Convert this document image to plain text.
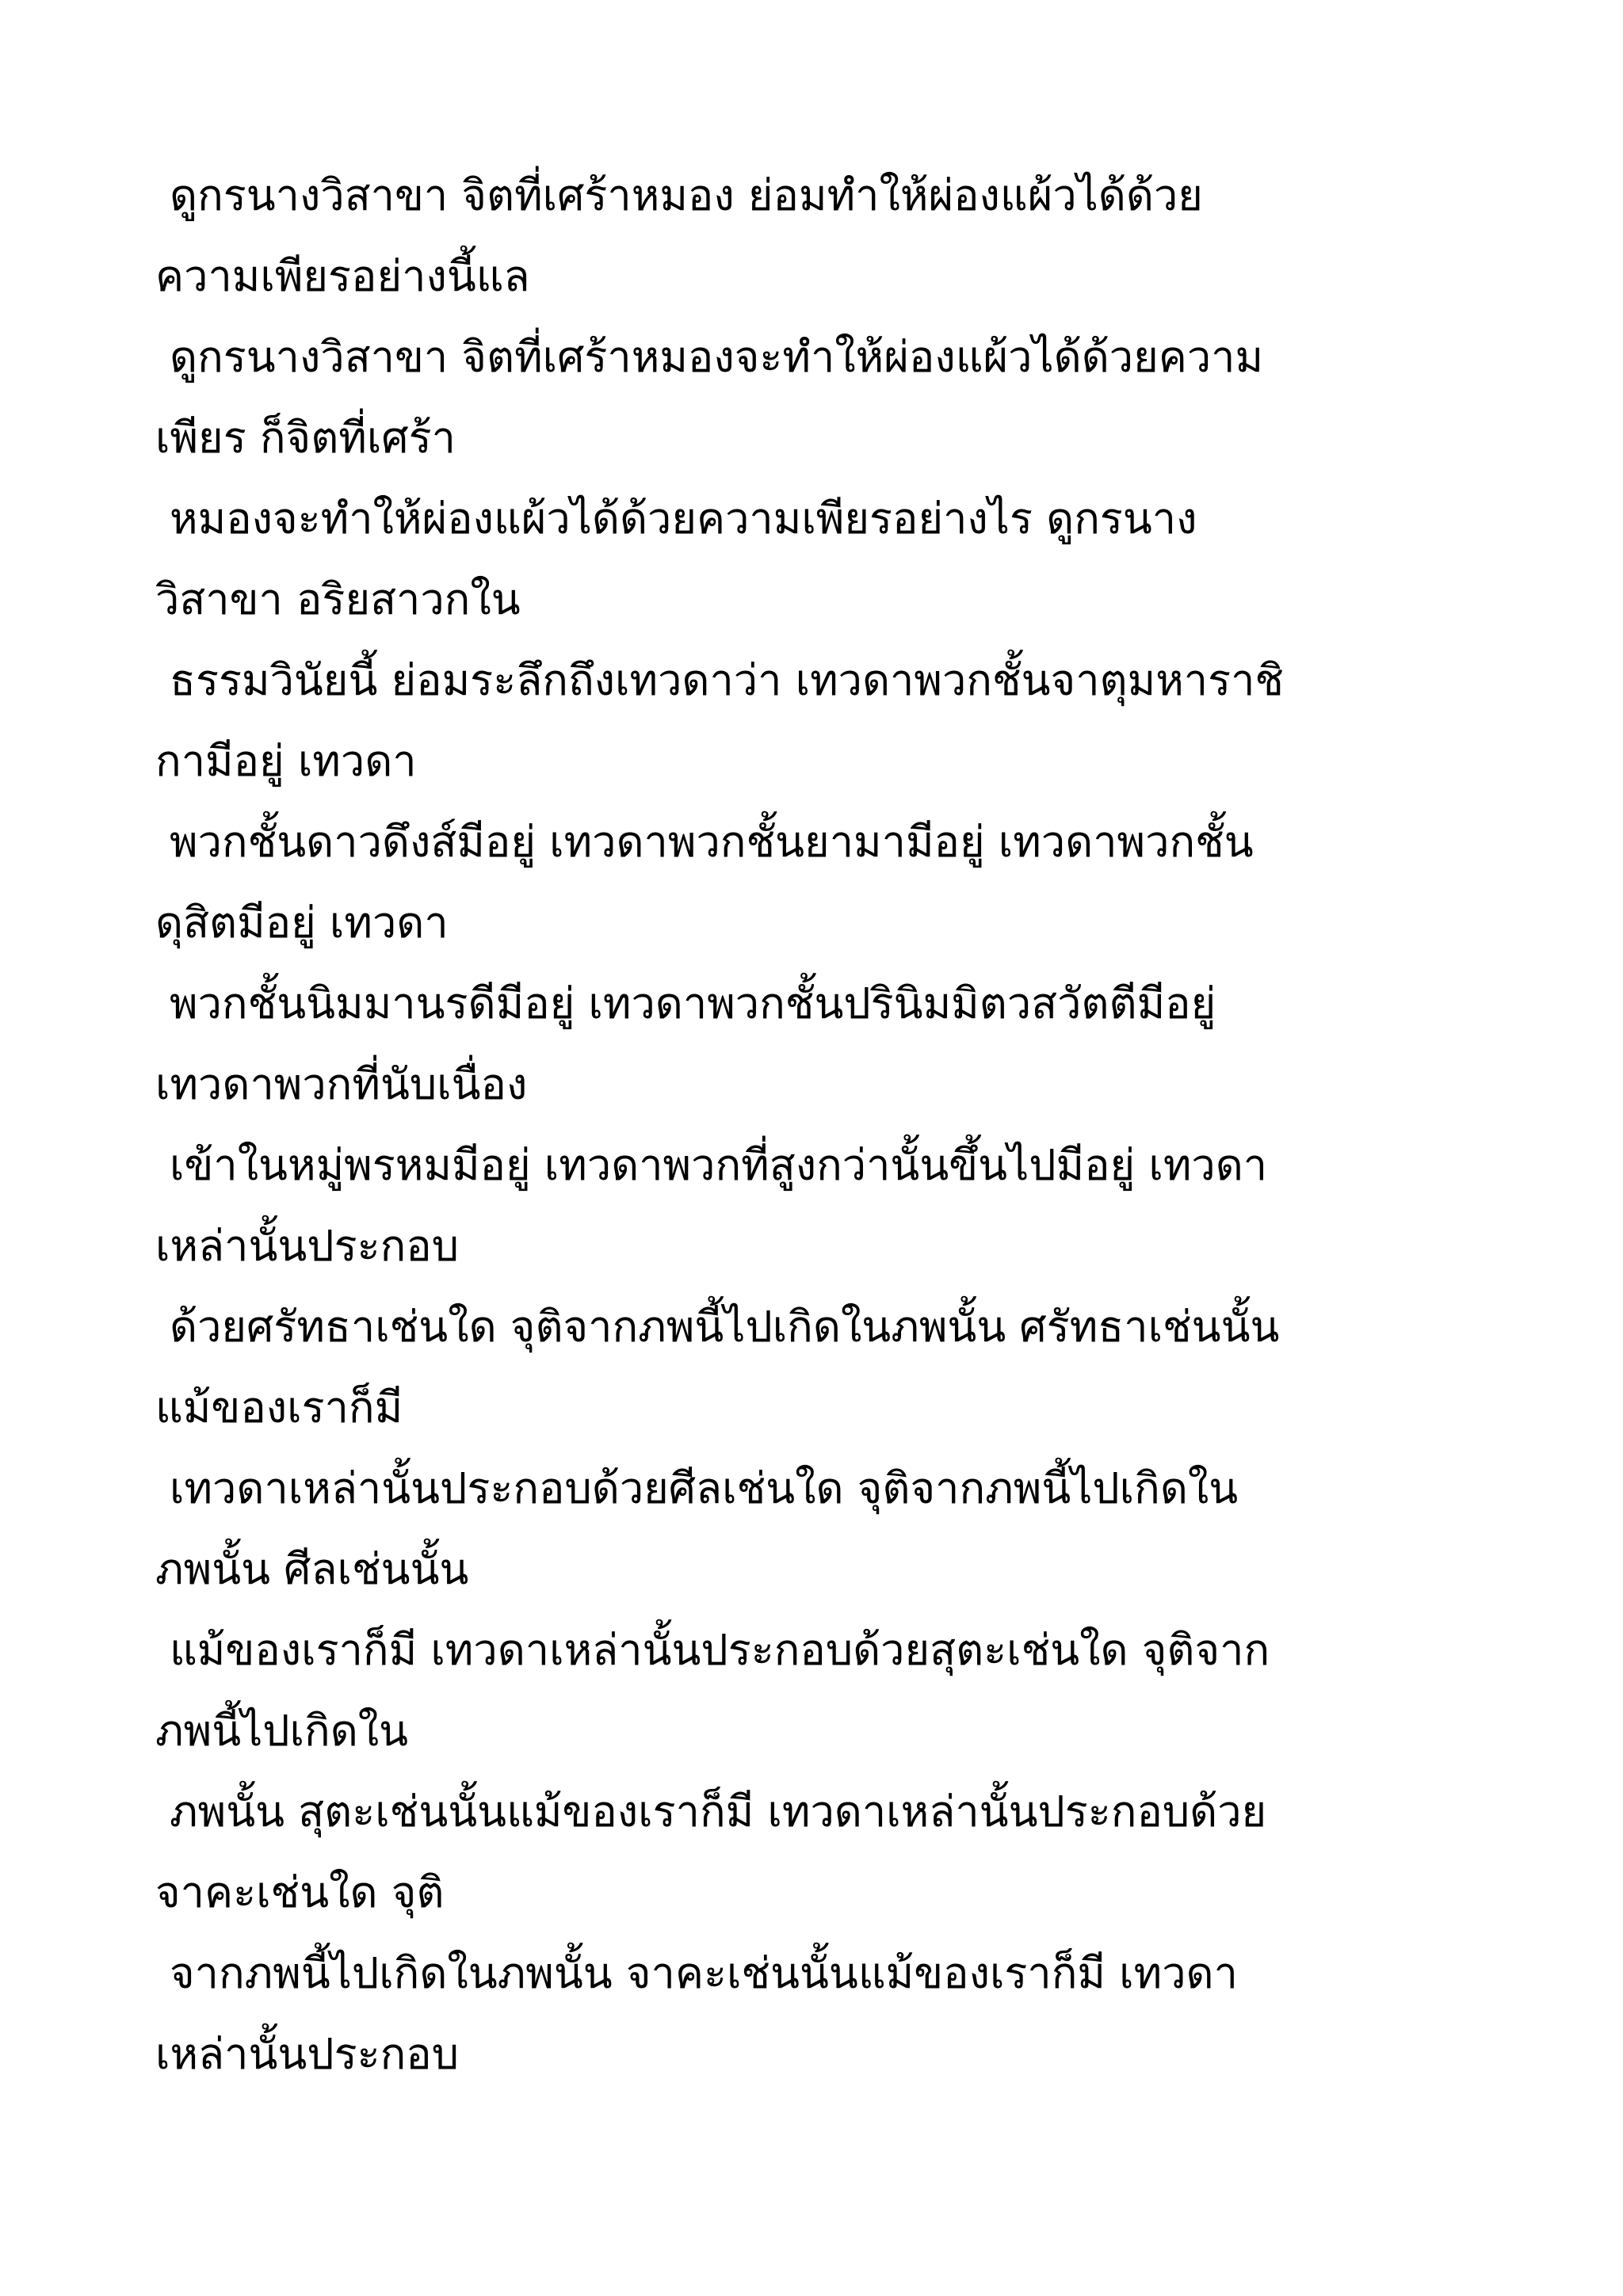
ดูกรนางวิสาขา จิตที่เศร้าหมอง ย่อมทำให้ผ่องแผ้วได้ด้วย
ความเพียรอย่างนี้แล

ดูกรนางวิสาขา จิตที่เศร้าหมองจะทำให้ผ่องแผ้วได้ด้วยความ
เพียร ก็จิตที่เศร้า

หมองจะทำให้ผ่องแผ้วได้ด้วยความเพียรอย่างไร ดูกรนาง
วิสาขา อริยสาวกใน

ธรรมวินัยนี้ ย่อมระลึกถึงเทวดาว่า เทวดาพวกชั้นจาตุมหาราชิ
กามีอยู่ เทวดา

พวกชั้นดาวดึงส์มีอยู่ เทวดาพวกชั้นยามามีอยู่ เทวดาพวกชั้น
ดุสิตมีอยู่ เทวดา

พวกชั้นนิมมานรดีมีอยู่ เทวดาพวกชั้นปรินิมมิตวสวัตตีมีอยู่
เทวดาพวกที่นับเนื่อง

เข้าในหมู่พรหมมีอยู่ เทวดาพวกที่สูงกว่านั้นขึ้นไปมีอยู่ เทวดา
เหล่านั้นประกอบ

ด้วยศรัทธาเช่นใด จุติจากภพนี้ไปเกิดในภพนั้น ศรัทธาเช่นนั้น
แม้ของเราก็มี

เทวดาเหล่านั้นประกอบด้วยศีลเช่นใด จุติจากภพนี้ไปเกิดใน
ภพนั้น ศีลเช่นนั้น

แม้ของเราก็มี เทวดาเหล่านั้นประกอบด้วยสุตะเช่นใด จุติจาก
ภพนี้ไปเกิดใน

ภพนั้น สุตะเช่นนั้นแม้ของเราก็มี เทวดาเหล่านั้นประกอบด้วย
จาคะเช่นใด จุติ

จากภพนี้ไปเกิดในภพนั้น จาคะเช่นนั้นแม้ของเราก็มี เทวดา
เหล่านั้นประกอบ
